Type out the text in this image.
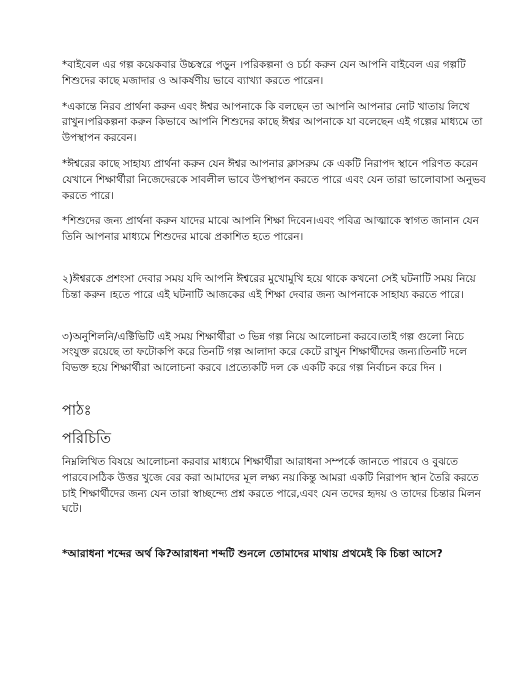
*বাইবেল এর গল্প কয়েকবার উচ্চস্বরে পড়ুন ।পরিকল্পনা ও চর্চা করুন যেন আপনি বাইবেল এর গল্পটি শিশুদের কাছে মজাদার ও আকর্ষণীয় ভাবে ব্যাখ্যা করতে পারেন।

*একান্তে নিরব প্রার্থনা করুন এবং ঈশ্বর আপনাকে কি বলছেন তা আপনি আপনার নোট খাতায় লিখে রাখুন।পরিকল্পনা করুন কিভাবে আপনি শিশুদের কাছে ঈশ্বর আপনাকে যা বলেছেন এই গল্পের মাধ্যমে তা উপস্থাপন করবেন।

*ঈশ্বরের কাছে সাহায্য প্রার্থনা করুন যেন ঈশ্বর আপনার ক্লাসরুম কে একটি নিরাপদ স্থানে পরিণত করেন যেখানে শিক্ষার্থীরা নিজেদেরকে সাবলীল ভাবে উপস্থাপন করতে পারে এবং যেন তারা ভালোবাসা অনুভব করতে পারে।

*শিশুদের জন্য প্রার্থনা করুন যাদের মাঝে আপনি শিক্ষা দিবেন।এবং পবিত্র আত্মাকে স্বাগত জানান যেন তিনি আপনার মাধ্যমে শিশুদের মাঝে প্রকাশিত হতে পারেন।

২)ঈশ্বরকে প্রশংসা দেবার সময় যদি আপনি ঈশ্বরের মুখোমুখি হয়ে থাকে কখনো সেই ঘটনাটি সময় নিয়ে চিন্তা করুন ।হতে পারে এই ঘটনাটি আজকের এই শিক্ষা দেবার জন্য আপনাকে সাহায্য করতে পারে।

৩)অনুশিলনি/এক্টিভিটি এই সময় শিক্ষার্থীরা ৩ ভিন্ন গল্প নিয়ে আলোচনা করবে।তাই গল্প গুলো নিচে সংযুক্ত রয়েছে তা ফটোকপি করে তিনটি গল্প আলাদা করে কেটে রাখুন শিক্ষার্থীদের জন্য।তিনটি দলে বিভক্ত হয়ে শিক্ষার্থীরা আলোচনা করবে ।প্রত্যেকটি দল কে একটি করে গল্প নির্বাচন করে দিন ।

পাঠঃ

পরিচিতি

নিম্নলিখিত বিষয়ে আলোচনা করবার মাধ্যমে শিক্ষার্থীরা আরাধনা সম্পর্কে জানতে পারবে ও বুঝতে পারবে।সঠিক উত্তর খুজে বের করা আমাদের মূল লক্ষ্য নয়।কিন্তু আমরা একটি নিরাপদ স্থান তৈরি করতে চাই শিক্ষার্থীদের জন্য যেন তারা স্বাচ্ছন্দ্যে প্রশ্ন করতে পারে,এবং যেন তদের হৃদয় ও তাদের চিন্তার মিলন ঘটে।

*আরাধনা শব্দের অর্থ কি?আরাধনা শব্দটি শুনলে তোমাদের মাথায় প্রথমেই কি চিন্তা আসে?
